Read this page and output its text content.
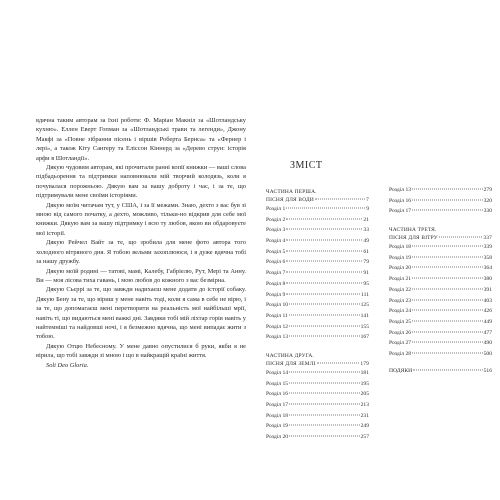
вдячна таким авторам за їхні роботи: Ф. Маріан Макніл за «Шотландську кухню». Еллен Еверт Гопман за «Шотландські трави та легенди», Джону Макфі за «Повне зібрання пісень і віршів Роберта Бернса» та «Фернер і лері», а також Кіту Сангеру та Еліссон Кіннерд за «Дерево струн: історія арфи в Шотландії».

Дякую чудовим авторам, які прочитали ранні копії книжки — ваші слова підбадьорення та підтримки наповнювали мій творчий колодязь, коли я почувалася порожньою. Дякую вам за вашу доброту і час, і за те, що підтримували мене своїми історіями.

Дякую моїм читачам тут, у США, і за її межами. Знаю, дехто з вас був зі мною від самого початку, а дехто, можливо, тільки-но відкрив для себе мої книжки. Дякую вам за вашу підтримку і всю ту любов, якою ви обдаровуєте мої історії.

Дякую Рейчел Вайт за те, що зробила для мене фото автора того холодного вітряного дня. Я тобою вельми захоплююся, і я дуже вдячна тобі за нашу дружбу.

Дякую моїй родині — татові, мамі, Калебу, Габріелю, Рут, Мері та Анну. Ви — моя лісова тиха гавань, і мою любов до кожного з вас безмірна.

Дякую Сьєррі за те, що завжди надихаєш мене додати до історії собаку. Дякую Бену за те, що віриш у мене навіть тоді, коли я сама в себе не вірю, і за те, що допомагаєш мені перетворити на реальність мої найбільші мрії, навіть ті, що видаються мені важкі дні. Завдяки тобі мій ліхтар горів навіть у найтемніші та найдовші ночі, і я безмежно вдячна, що мені випадає жити з тобою.

Дякую Отцю Небесному. У мене давно опустилися б руки, якби я не вірила, що тобі завжди зі мною і що в найкращій країні життя.

Soli Deo Gloria.

ЗМІСТ
ЧАСТИНА ПЕРША.
ПІСНЯ ДЛЯ ВОДИ	7
Розділ 1	9
Розділ 2	21
Розділ 3	33
Розділ 4	49
Розділ 5	61
Розділ 6	79
Розділ 7	91
Розділ 8	95
Розділ 9	111
Розділ 10	125
Розділ 11	141
Розділ 12	155
Розділ 13	167
ЧАСТИНА ДРУГА.
ПІСНЯ ДЛЯ ЗЕМЛІ	179
Розділ 14	181
Розділ 15	195
Розділ 16	205
Розділ 17	213
Розділ 18	231
Розділ 19	249
Розділ 20	257
Розділ 13	279
Розділ 16	320
Розділ 17	330
ЧАСТИНА ТРЕТЯ.
ПІСНЯ ДЛЯ ВІТРУ	337
Розділ 18	339
Розділ 19	358
Розділ 20	364
Розділ 21	380
Розділ 22	391
Розділ 23	403
Розділ 24	426
Розділ 25	449
Розділ 26	477
Розділ 27	490
Розділ 28	500
ПОДЯКИ	516
